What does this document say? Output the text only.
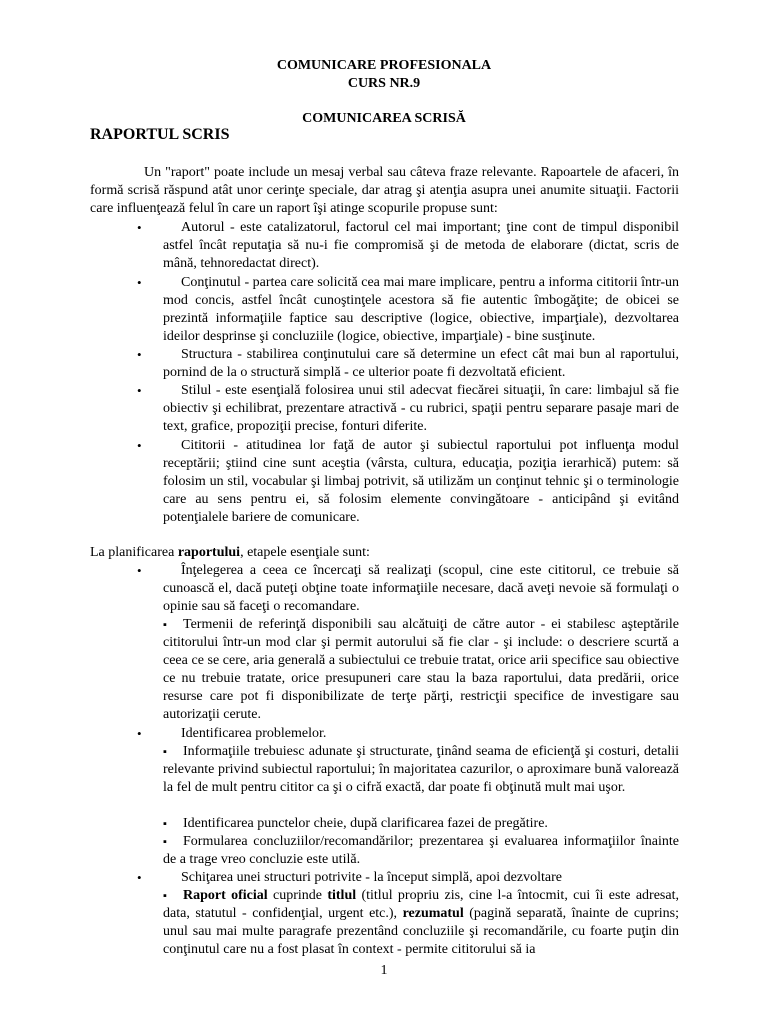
COMUNICARE PROFESIONALA
CURS NR.9
COMUNICAREA SCRISĂ
RAPORTUL SCRIS
Un "raport" poate include un mesaj verbal sau câteva fraze relevante. Rapoartele de afaceri, în formă scrisă răspund atât unor cerinţe speciale, dar atrag şi atenţia asupra unei anumite situaţii. Factorii care influenţează felul în care un raport îşi atinge scopurile propuse sunt:
•	Autorul - este catalizatorul, factorul cel mai important; ţine cont de timpul disponibil astfel încât reputaţia să nu-i fie compromisă şi de metoda de elaborare (dictat, scris de mână, tehnoredactat direct).
•	Conţinutul - partea care solicită cea mai mare implicare, pentru a informa cititorii într-un mod concis, astfel încât cunoştinţele acestora să fie autentic îmbogăţite; de obicei se prezintă informaţiile faptice sau descriptive (logice, obiective, imparţiale), dezvoltarea ideilor desprinse şi concluziile (logice, obiective, imparţiale) - bine susţinute.
•	Structura - stabilirea conţinutului care să determine un efect cât mai bun al raportului, pornind de la o structură simplă - ce ulterior poate fi dezvoltată eficient.
•	Stilul - este esenţială folosirea unui stil adecvat fiecărei situaţii, în care: limbajul să fie obiectiv şi echilibrat, prezentare atractivă - cu rubrici, spaţii pentru separare pasaje mari de text, grafice, propoziţii precise, fonturi diferite.
•	Cititorii - atitudinea lor faţă de autor şi subiectul raportului pot influenţa modul receptării; ştiind cine sunt aceştia (vârsta, cultura, educaţia, poziţia ierarhică) putem: să folosim un stil, vocabular şi limbaj potrivit, să utilizăm un conţinut tehnic şi o terminologie care au sens pentru ei, să folosim elemente convingătoare - anticipând şi evitând potenţialele bariere de comunicare.
La planificarea raportului, etapele esenţiale sunt:
•	Înţelegerea a ceea ce încercaţi să realizaţi (scopul, cine este cititorul, ce trebuie să cunoască el, dacă puteţi obţine toate informaţiile necesare, dacă aveţi nevoie să formulaţi o opinie sau să faceţi o recomandare.
▪ Termenii de referinţă disponibili sau alcătuiţi de către autor - ei stabilesc aşteptările cititorului într-un mod clar şi permit autorului să fie clar - şi include: o descriere scurtă a ceea ce se cere, aria generală a subiectului ce trebuie tratat, orice arii specifice sau obiective ce nu trebuie tratate, orice presupuneri care stau la baza raportului, data predării, orice resurse care pot fi disponibilizate de terţe părţi, restricţii specifice de investigare sau autorizaţii cerute.
•	Identificarea problemelor.
▪ Informaţiile trebuiesc adunate şi structurate, ţinând seama de eficienţă şi costuri, detalii relevante privind subiectul raportului; în majoritatea cazurilor, o aproximare bună valorează la fel de mult pentru cititor ca şi o cifră exactă, dar poate fi obţinută mult mai uşor.
▪ Identificarea punctelor cheie, după clarificarea fazei de pregătire.
▪ Formularea concluziilor/recomandărilor; prezentarea şi evaluarea informaţiilor înainte de a trage vreo concluzie este utilă.
•	Schiţarea unei structuri potrivite - la început simplă, apoi dezvoltare
▪ Raport oficial cuprinde titlul (titlul propriu zis, cine l-a întocmit, cui îi este adresat, data, statutul - confidenţial, urgent etc.), rezumatul (pagină separată, înainte de cuprins; unul sau mai multe paragrafe prezentând concluziile şi recomandările, cu foarte puţin din conţinutul care nu a fost plasat în context - permite cititorului să ia
1
